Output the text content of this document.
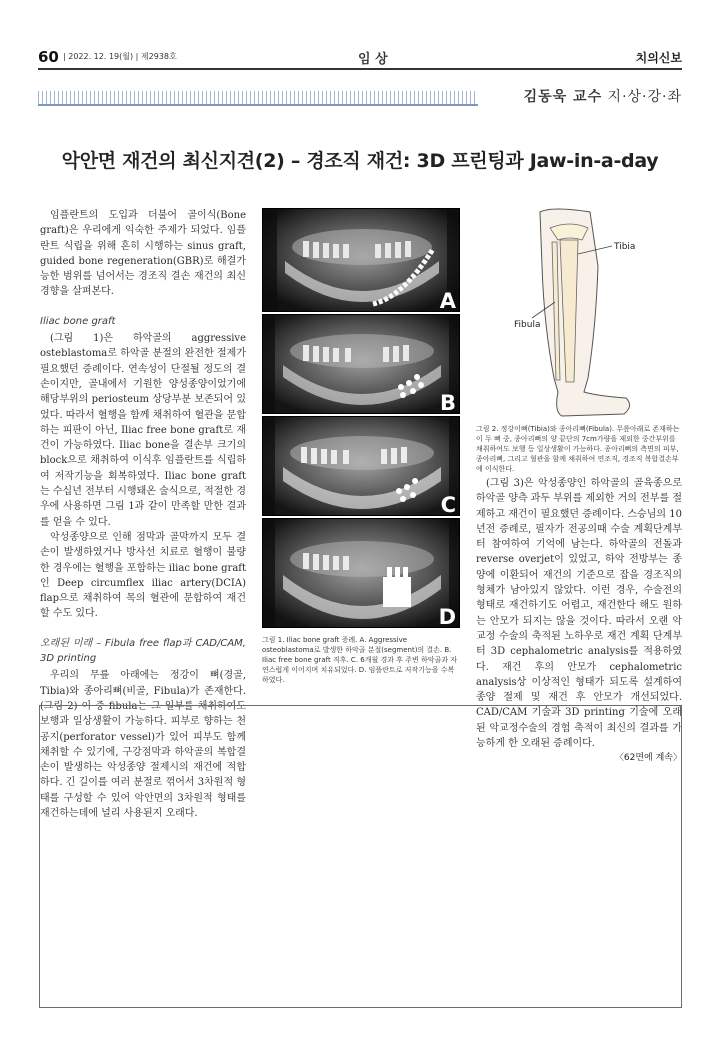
60 | 2022. 12. 19(월) | 제2938호	임 상	치의신보
김동욱 교수 지·상·강·좌
악안면 재건의 최신지견(2) – 경조직 재건: 3D 프린팅과 Jaw-in-a-day

임플란트의 도입과 더불어 골이식(Bone graft)은 우리에게 익숙한 주제가 되었다. 임플란트 식립을 위해 흔히 시행하는 sinus graft, guided bone regeneration(GBR)로 해결가능한 범위를 넘어서는 경조직 결손 재건의 최신경향을 살펴본다.

Iliac bone graft

(그림 1)은 하악골의 aggressive osteblastoma로 하악골 분절의 완전한 절제가 필요했던 증례이다. 연속성이 단절될 정도의 결손이지만, 골내에서 기원한 양성종양이었기에 해당부위의 periosteum 상당부분 보존되어 있었다. 따라서 혈행을 함께 채취하여 혈관을 문합하는 피판이 아닌, Iliac free bone graft로 재건이 가능하였다. Iliac bone을 결손부 크기의 block으로 채취하여 이식후 임플란트를 식립하여 저작기능을 회복하였다. Iliac bone graft는 수십년 전부터 시행돼온 술식으로, 적절한 경우에 사용하면 그림 1과 같이 만족할 만한 결과를 얻을 수 있다.

악성종양으로 인해 점막과 골막까지 모두 결손이 발생하였거나 방사선 치료로 혈행이 불량한 경우에는 혈행을 포함하는 iliac bone graft인 Deep circumflex iliac artery(DCIA) flap으로 채취하여 목의 혈관에 문합하여 재건할 수도 있다.

오래된 미래 – Fibula free flap과 CAD/CAM, 3D printing

우리의 무릎 아래에는 정강이 뼈(경골, Tibia)와 종아리뼈(비골, Fibula)가 존재한다. (그림 2) 이 중 fibula는 그 일부를 채취하여도 보행과 일상생활이 가능하다. 피부로 향하는 천공지(perforator vessel)가 있어 피부도 함께 채취할 수 있기에, 구강점막과 하악골의 복합결손이 발생하는 악성종양 절제시의 재건에 적합하다. 긴 길이를 여러 분절로 꺾어서 3차원적 형태를 구성할 수 있어 악안면의 3차원적 형태를 재건하는데에 널리 사용된지 오래다.

A
B
C
D
그림 1. Iliac bone graft 증례. A. Aggressive osteoblastoma로 발생한 하악골 분절(segment)의 결손. B. Iliac free bone graft 직후. C. 6개월 경과 후 주변 하악골과 자연스럽게 이어지며 치유되었다. D. 임플란트로 저작기능을 수복하였다.
Tibia
Fibula
그림 2. 정강이뼈(Tibia)와 종아리뼈(Fibula). 무릎아래로 존재하는 이 두 뼈 중, 종아리뼈의 양 끝단의 7cm가량을 제외한 중간부위를 채취하여도 보행 등 일상생활이 가능하다. 종아리뼈의 측면의 피부, 종아리뼈, 그리고 혈관을 함께 채취하여 연조직, 경조직 복합결손부에 이식한다.

(그림 3)은 악성종양인 하악골의 골육종으로 하악골 양측 과두 부위를 제외한 거의 전부를 절제하고 재건이 필요했던 증례이다. 스승님의 10년전 증례로, 필자가 전공의때 수술 계획단계부터 참여하여 기억에 남는다. 하악골의 전돌과 reverse overjet이 있었고, 하악 전방부는 종양에 이환되어 재건의 기준으로 잡을 경조직의 형체가 남아있지 않았다. 이런 경우, 수술전의 형태로 재건하기도 어렵고, 재건한다 해도 원하는 안모가 되지는 않을 것이다. 따라서 오랜 악교정 수술의 축적된 노하우로 재건 계획 단계부터 3D cephalometric analysis를 적용하였다. 재건 후의 안모가 cephalometric analysis상 이상적인 형태가 되도록 설계하여 종양 절제 및 재건 후 안모가 개선되었다. CAD/CAM 기술과 3D printing 기술에 오래된 악교정수술의 경험 축적이 최신의 결과를 가능하게 한 오래된 증례이다.

〈62면에 계속〉
